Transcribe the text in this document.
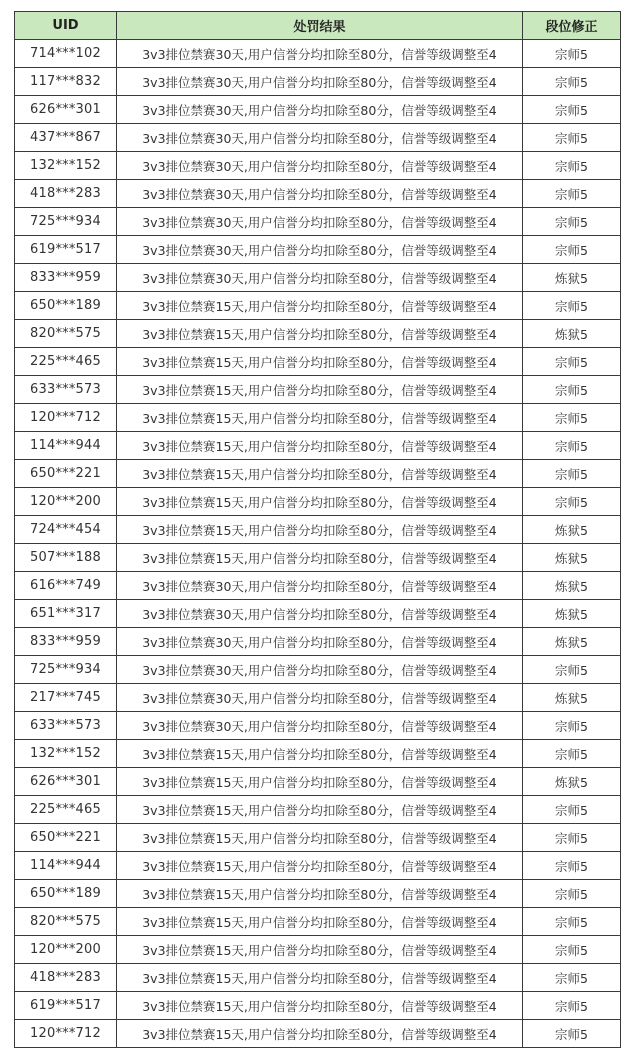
UID	处罚结果	段位修正
714***102	3v3排位禁赛30天,用户信誉分均扣除至80分，信誉等级调整至4	宗师5
117***832	3v3排位禁赛30天,用户信誉分均扣除至80分，信誉等级调整至4	宗师5
626***301	3v3排位禁赛30天,用户信誉分均扣除至80分，信誉等级调整至4	宗师5
437***867	3v3排位禁赛30天,用户信誉分均扣除至80分，信誉等级调整至4	宗师5
132***152	3v3排位禁赛30天,用户信誉分均扣除至80分，信誉等级调整至4	宗师5
418***283	3v3排位禁赛30天,用户信誉分均扣除至80分，信誉等级调整至4	宗师5
725***934	3v3排位禁赛30天,用户信誉分均扣除至80分，信誉等级调整至4	宗师5
619***517	3v3排位禁赛30天,用户信誉分均扣除至80分，信誉等级调整至4	宗师5
833***959	3v3排位禁赛30天,用户信誉分均扣除至80分，信誉等级调整至4	炼狱5
650***189	3v3排位禁赛15天,用户信誉分均扣除至80分，信誉等级调整至4	宗师5
820***575	3v3排位禁赛15天,用户信誉分均扣除至80分，信誉等级调整至4	炼狱5
225***465	3v3排位禁赛15天,用户信誉分均扣除至80分，信誉等级调整至4	宗师5
633***573	3v3排位禁赛15天,用户信誉分均扣除至80分，信誉等级调整至4	宗师5
120***712	3v3排位禁赛15天,用户信誉分均扣除至80分，信誉等级调整至4	宗师5
114***944	3v3排位禁赛15天,用户信誉分均扣除至80分，信誉等级调整至4	宗师5
650***221	3v3排位禁赛15天,用户信誉分均扣除至80分，信誉等级调整至4	宗师5
120***200	3v3排位禁赛15天,用户信誉分均扣除至80分，信誉等级调整至4	宗师5
724***454	3v3排位禁赛15天,用户信誉分均扣除至80分，信誉等级调整至4	炼狱5
507***188	3v3排位禁赛15天,用户信誉分均扣除至80分，信誉等级调整至4	炼狱5
616***749	3v3排位禁赛30天,用户信誉分均扣除至80分，信誉等级调整至4	炼狱5
651***317	3v3排位禁赛30天,用户信誉分均扣除至80分，信誉等级调整至4	炼狱5
833***959	3v3排位禁赛30天,用户信誉分均扣除至80分，信誉等级调整至4	炼狱5
725***934	3v3排位禁赛30天,用户信誉分均扣除至80分，信誉等级调整至4	宗师5
217***745	3v3排位禁赛30天,用户信誉分均扣除至80分，信誉等级调整至4	炼狱5
633***573	3v3排位禁赛30天,用户信誉分均扣除至80分，信誉等级调整至4	宗师5
132***152	3v3排位禁赛15天,用户信誉分均扣除至80分，信誉等级调整至4	宗师5
626***301	3v3排位禁赛15天,用户信誉分均扣除至80分，信誉等级调整至4	炼狱5
225***465	3v3排位禁赛15天,用户信誉分均扣除至80分，信誉等级调整至4	宗师5
650***221	3v3排位禁赛15天,用户信誉分均扣除至80分，信誉等级调整至4	宗师5
114***944	3v3排位禁赛15天,用户信誉分均扣除至80分，信誉等级调整至4	宗师5
650***189	3v3排位禁赛15天,用户信誉分均扣除至80分，信誉等级调整至4	宗师5
820***575	3v3排位禁赛15天,用户信誉分均扣除至80分，信誉等级调整至4	宗师5
120***200	3v3排位禁赛15天,用户信誉分均扣除至80分，信誉等级调整至4	宗师5
418***283	3v3排位禁赛15天,用户信誉分均扣除至80分，信誉等级调整至4	宗师5
619***517	3v3排位禁赛15天,用户信誉分均扣除至80分，信誉等级调整至4	宗师5
120***712	3v3排位禁赛15天,用户信誉分均扣除至80分，信誉等级调整至4	宗师5
